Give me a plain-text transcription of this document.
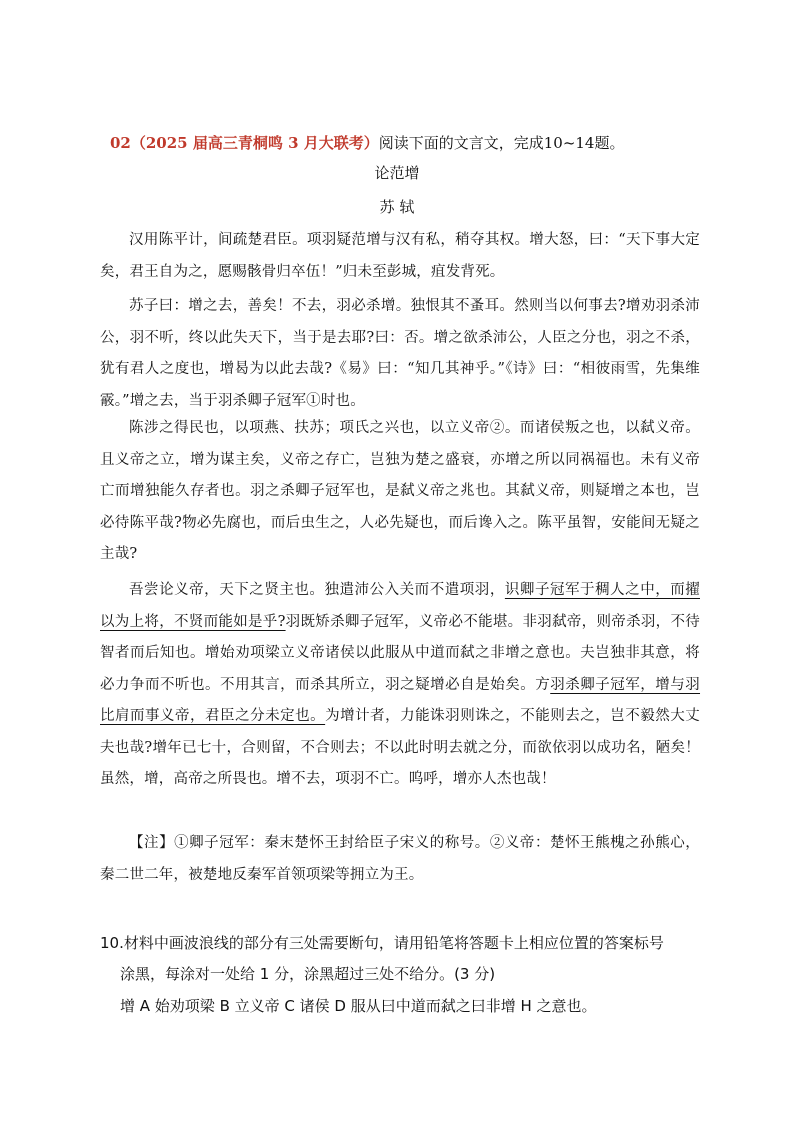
02（2025 届高三青桐鸣 3 月大联考）阅读下面的文言文，完成10~14题。
论范增
苏 轼
汉用陈平计，间疏楚君臣。项羽疑范增与汉有私，稍夺其权。增大怒，曰：“天下事大定矣，君王自为之，愿赐骸骨归卒伍！”归未至彭城，疽发背死。
苏子曰：增之去，善矣！不去，羽必杀增。独恨其不蚤耳。然则当以何事去?增劝羽杀沛公，羽不听，终以此失天下，当于是去耶?曰：否。增之欲杀沛公，人臣之分也，羽之不杀，犹有君人之度也，增曷为以此去哉?《易》曰：“知几其神乎。”《诗》曰：“相彼雨雪，先集维霰。”增之去，当于羽杀卿子冠军①时也。
陈涉之得民也，以项燕、扶苏；项氏之兴也，以立义帝②。而诸侯叛之也，以弑义帝。且义帝之立，增为谋主矣，义帝之存亡，岂独为楚之盛衰，亦增之所以同祸福也。未有义帝亡而增独能久存者也。羽之杀卿子冠军也，是弑义帝之兆也。其弑义帝，则疑增之本也，岂必待陈平哉?物必先腐也，而后虫生之，人必先疑也，而后谗入之。陈平虽智，安能间无疑之主哉?
吾尝论义帝，天下之贤主也。独遣沛公入关而不遣项羽，识卿子冠军于稠人之中，而擢以为上将，不贤而能如是乎?羽既矫杀卿子冠军，义帝必不能堪。非羽弑帝，则帝杀羽，不待智者而后知也。增始劝项梁立义帝诸侯以此服从中道而弑之非增之意也。夫岂独非其意，将必力争而不听也。不用其言，而杀其所立，羽之疑增必自是始矣。方羽杀卿子冠军，增与羽比肩而事义帝，君臣之分未定也。为增计者，力能诛羽则诛之，不能则去之，岂不毅然大丈夫也哉?增年已七十，合则留，不合则去；不以此时明去就之分，而欲依羽以成功名，陋矣！虽然，增，高帝之所畏也。增不去，项羽不亡。呜呼，增亦人杰也哉！
【注】①卿子冠军：秦末楚怀王封给臣子宋义的称号。②义帝：楚怀王熊槐之孙熊心，秦二世二年，被楚地反秦军首领项梁等拥立为王。
10.材料中画波浪线的部分有三处需要断句，请用铅笔将答题卡上相应位置的答案标号
涂黑，每涂对一处给 1 分，涂黑超过三处不给分。(3 分)
增 A 始劝项梁 B 立义帝 C 诸侯 D 服从曰中道而弑之曰非增 H 之意也。
